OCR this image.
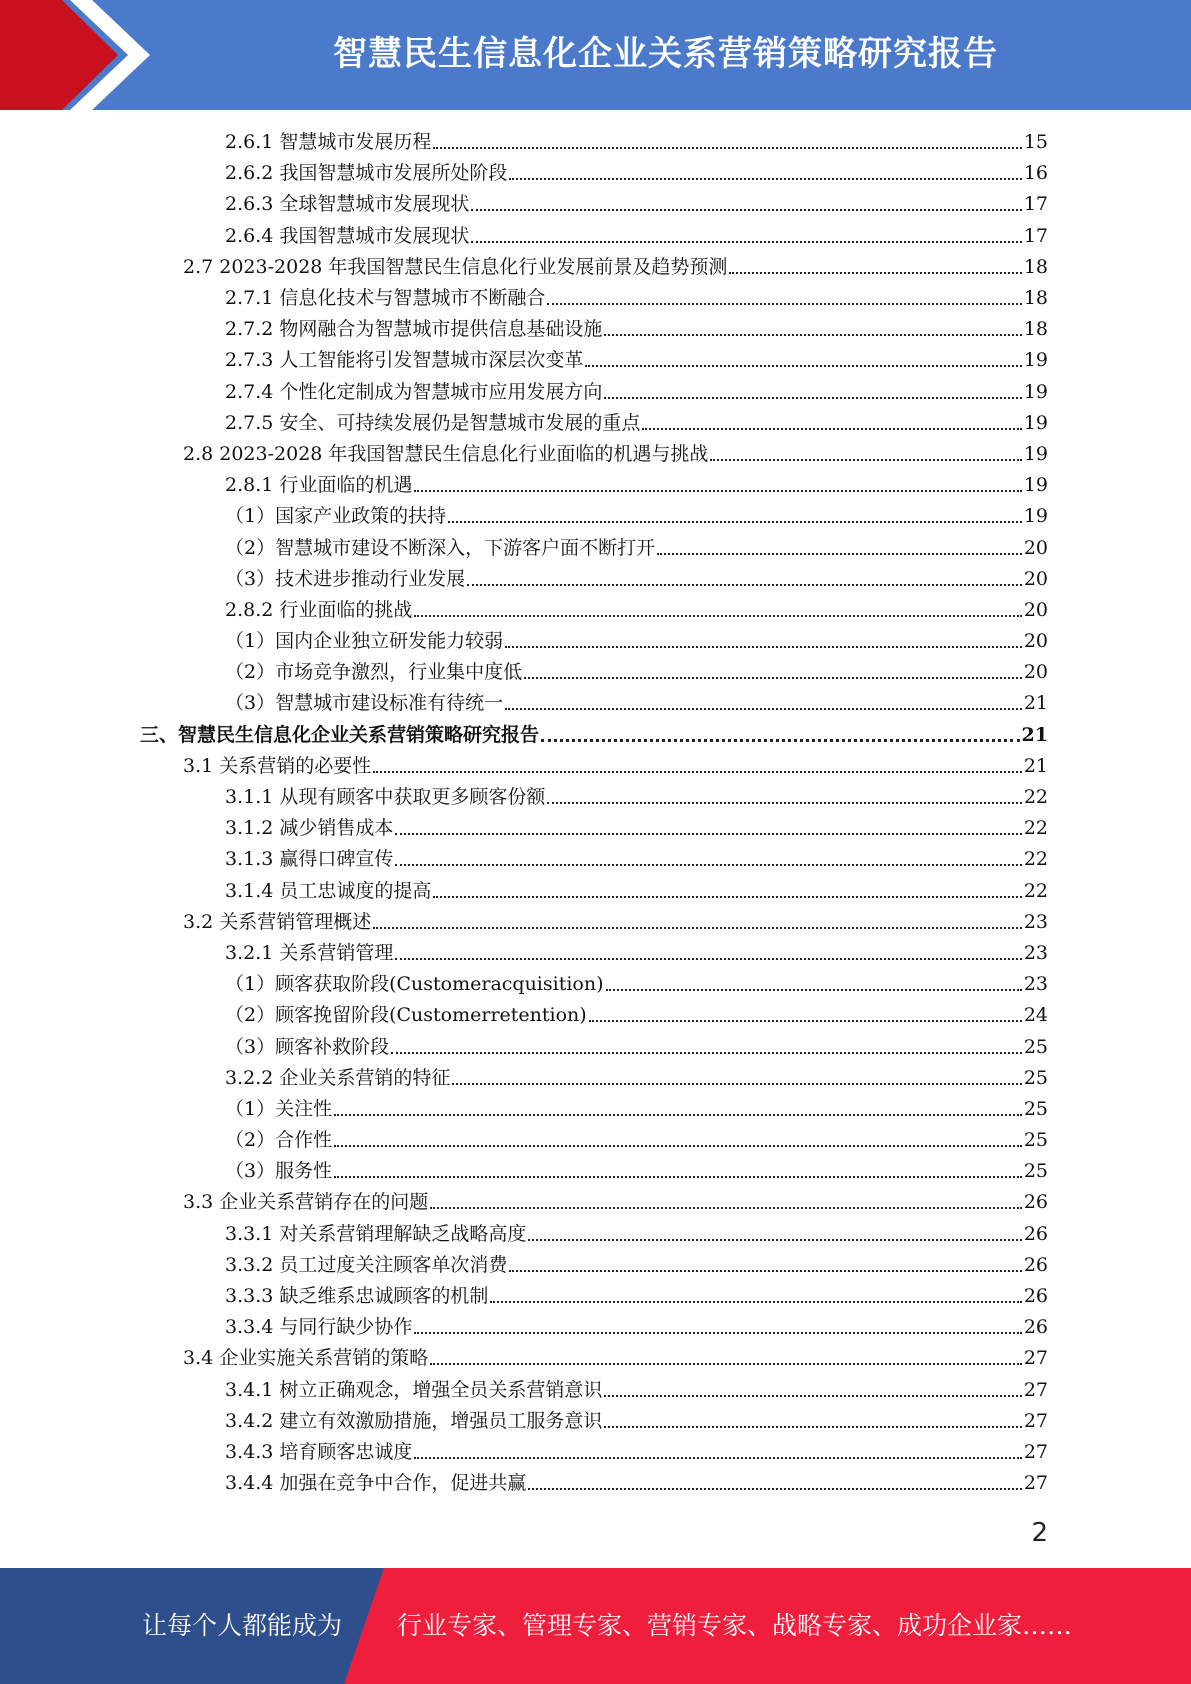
智慧民生信息化企业关系营销策略研究报告
2.6.1 智慧城市发展历程	15
2.6.2 我国智慧城市发展所处阶段	16
2.6.3 全球智慧城市发展现状	17
2.6.4 我国智慧城市发展现状	17
2.7 2023-2028 年我国智慧民生信息化行业发展前景及趋势预测	18
2.7.1 信息化技术与智慧城市不断融合	18
2.7.2 物网融合为智慧城市提供信息基础设施	18
2.7.3 人工智能将引发智慧城市深层次变革	19
2.7.4 个性化定制成为智慧城市应用发展方向	19
2.7.5 安全、可持续发展仍是智慧城市发展的重点	19
2.8 2023-2028 年我国智慧民生信息化行业面临的机遇与挑战	19
2.8.1 行业面临的机遇	19
（1）国家产业政策的扶持	19
（2）智慧城市建设不断深入，下游客户面不断打开	20
（3）技术进步推动行业发展	20
2.8.2 行业面临的挑战	20
（1）国内企业独立研发能力较弱	20
（2）市场竞争激烈，行业集中度低	20
（3）智慧城市建设标准有待统一	21
三、智慧民生信息化企业关系营销策略研究报告	21
3.1 关系营销的必要性	21
3.1.1 从现有顾客中获取更多顾客份额	22
3.1.2 减少销售成本	22
3.1.3 赢得口碑宣传	22
3.1.4 员工忠诚度的提高	22
3.2 关系营销管理概述	23
3.2.1 关系营销管理	23
（1）顾客获取阶段(Customeracquisition)	23
（2）顾客挽留阶段(Customerretention)	24
（3）顾客补救阶段	25
3.2.2 企业关系营销的特征	25
（1）关注性	25
（2）合作性	25
（3）服务性	25
3.3 企业关系营销存在的问题	26
3.3.1 对关系营销理解缺乏战略高度	26
3.3.2 员工过度关注顾客单次消费	26
3.3.3 缺乏维系忠诚顾客的机制	26
3.3.4 与同行缺少协作	26
3.4 企业实施关系营销的策略	27
3.4.1 树立正确观念，增强全员关系营销意识	27
3.4.2 建立有效激励措施，增强员工服务意识	27
3.4.3 培育顾客忠诚度	27
3.4.4 加强在竞争中合作，促进共赢	27
2
让每个人都能成为 行业专家、管理专家、营销专家、战略专家、成功企业家……
